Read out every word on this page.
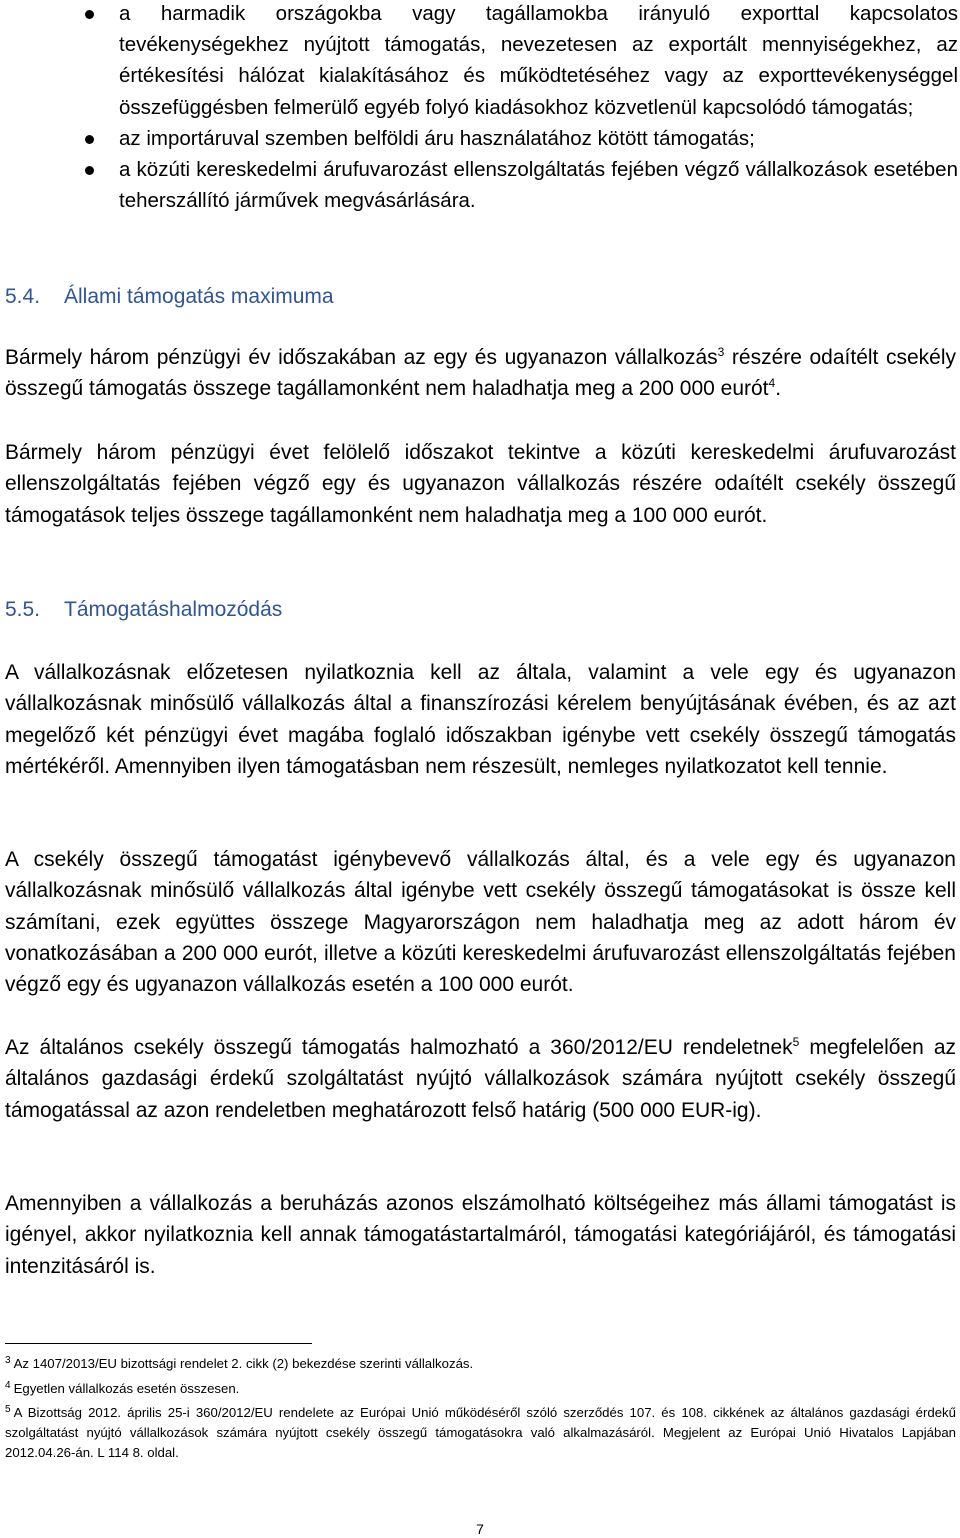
a harmadik országokba vagy tagállamokba irányuló exporttal kapcsolatos tevékenységekhez nyújtott támogatás, nevezetesen az exportált mennyiségekhez, az értékesítési hálózat kialakításához és működtetéséhez vagy az exporttevékenységgel összefüggésben felmerülő egyéb folyó kiadásokhoz közvetlenül kapcsolódó támogatás;
az importáruval szemben belföldi áru használatához kötött támogatás;
a közúti kereskedelmi árufuvarozást ellenszolgáltatás fejében végző vállalkozások esetében teherszállító járművek megvásárlására.
5.4. Állami támogatás maximuma
Bármely három pénzügyi év időszakában az egy és ugyanazon vállalkozás$^3$ részére odaítélt csekély összegű támogatás összege tagállamonként nem haladhatja meg a 200 000 eurót$^4$.
Bármely három pénzügyi évet felölelő időszakot tekintve a közúti kereskedelmi árufuvarozást ellenszolgáltatás fejében végző egy és ugyanazon vállalkozás részére odaítélt csekély összegű támogatások teljes összege tagállamonként nem haladhatja meg a 100 000 eurót.
5.5. Támogatáshalmozódás
A vállalkozásnak előzetesen nyilatkoznia kell az általa, valamint a vele egy és ugyanazon vállalkozásnak minősülő vállalkozás által a finanszírozási kérelem benyújtásának évében, és az azt megelőző két pénzügyi évet magába foglaló időszakban igénybe vett csekély összegű támogatás mértékéről. Amennyiben ilyen támogatásban nem részesült, nemleges nyilatkozatot kell tennie.
A csekély összegű támogatást igénybevevő vállalkozás által, és a vele egy és ugyanazon vállalkozásnak minősülő vállalkozás által igénybe vett csekély összegű támogatásokat is össze kell számítani, ezek együttes összege Magyarországon nem haladhatja meg az adott három év vonatkozásában a 200 000 eurót, illetve a közúti kereskedelmi árufuvarozást ellenszolgáltatás fejében végző egy és ugyanazon vállalkozás esetén a 100 000 eurót.
Az általános csekély összegű támogatás halmozható a 360/2012/EU rendeletnek$^5$ megfelelően az általános gazdasági érdekű szolgáltatást nyújtó vállalkozások számára nyújtott csekély összegű támogatással az azon rendeletben meghatározott felső határig (500 000 EUR-ig).
Amennyiben a vállalkozás a beruházás azonos elszámolható költségeihez más állami támogatást is igényel, akkor nyilatkoznia kell annak támogatástartalmáról, támogatási kategóriájáról, és támogatási intenzitásáról is.
$^3$ Az 1407/2013/EU bizottsági rendelet 2. cikk (2) bekezdése szerinti vállalkozás.
$^4$ Egyetlen vállalkozás esetén összesen.
$^5$ A Bizottság 2012. április 25-i 360/2012/EU rendelete az Európai Unió működéséről szóló szerződés 107. és 108. cikkének az általános gazdasági érdekű szolgáltatást nyújtó vállalkozások számára nyújtott csekély összegű támogatásokra való alkalmazásáról. Megjelent az Európai Unió Hivatalos Lapjában 2012.04.26-án. L 114 8. oldal.
7
